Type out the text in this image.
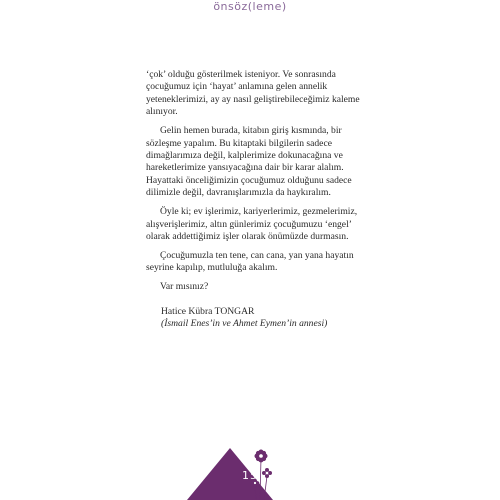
önsöz(leme)

‘çok’ olduğu gösterilmek isteniyor. Ve sonrasında çocuğumuz için ‘hayat’ anlamına gelen annelik yeteneklerimizi, ay ay nasıl geliştirebileceğimiz kaleme alınıyor.

Gelin hemen burada, kitabın giriş kısmında, bir sözleşme yapalım. Bu kitaptaki bilgilerin sadece dimağlarımıza değil, kalplerimize dokunacağına ve hareketlerimize yansıyacağına dair bir karar alalım. Hayattaki önceliğimizin çocuğumuz olduğunu sadece dilimizle değil, davranışlarımızla da haykıralım.

Öyle ki; ev işlerimiz, kariyerlerimiz, gezmelerimiz, alışverişlerimiz, altın günlerimiz çocuğumuzu ‘engel’ olarak addettiğimiz işler olarak önümüzde durmasın.

Çocuğumuzla ten tene, can cana, yan yana hayatın seyrine kapılıp, mutluluğa akalım.

Var mısınız?

Hatice Kübra TONGAR
(İsmail Enes’in ve Ahmet Eymen’in annesi)
15
